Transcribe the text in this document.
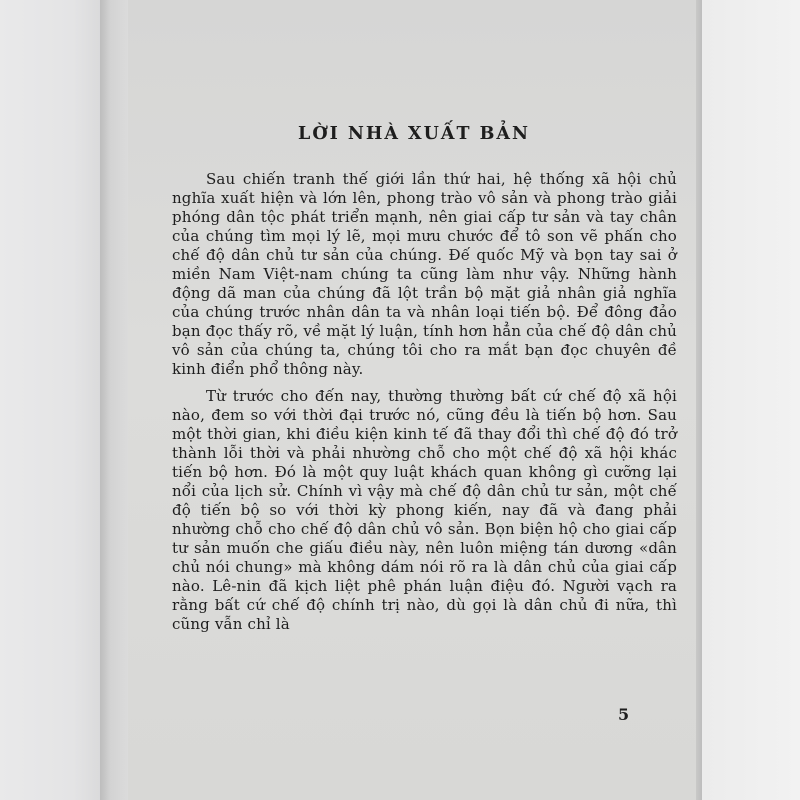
LỜI NHÀ XUẤT BẢN

Sau chiến tranh thế giới lần thứ hai, hệ thống xã hội chủ nghĩa xuất hiện và lớn lên, phong trào vô sản và phong trào giải phóng dân tộc phát triển mạnh, nên giai cấp tư sản và tay chân của chúng tìm mọi lý lẽ, mọi mưu chước để tô son vẽ phấn cho chế độ dân chủ tư sản của chúng. Đế quốc Mỹ và bọn tay sai ở miền Nam Việt-nam chúng ta cũng làm như vậy. Những hành động dã man của chúng đã lột trần bộ mặt giả nhân giả nghĩa của chúng trước nhân dân ta và nhân loại tiến bộ. Để đông đảo bạn đọc thấy rõ, về mặt lý luận, tính hơn hẳn của chế độ dân chủ vô sản của chúng ta, chúng tôi cho ra mắt bạn đọc chuyên đề kinh điển phổ thông này.

Từ trước cho đến nay, thường thường bất cứ chế độ xã hội nào, đem so với thời đại trước nó, cũng đều là tiến bộ hơn. Sau một thời gian, khi điều kiện kinh tế đã thay đổi thì chế độ đó trở thành lỗi thời và phải nhường chỗ cho một chế độ xã hội khác tiến bộ hơn. Đó là một quy luật khách quan không gì cưỡng lại nổi của lịch sử. Chính vì vậy mà chế độ dân chủ tư sản, một chế độ tiến bộ so với thời kỳ phong kiến, nay đã và đang phải nhường chỗ cho chế độ dân chủ vô sản. Bọn biện hộ cho giai cấp tư sản muốn che giấu điều này, nên luôn miệng tán dương «dân chủ nói chung» mà không dám nói rõ ra là dân chủ của giai cấp nào. Lê-nin đã kịch liệt phê phán luận điệu đó. Người vạch ra rằng bất cứ chế độ chính trị nào, dù gọi là dân chủ đi nữa, thì cũng vẫn chỉ là

5
